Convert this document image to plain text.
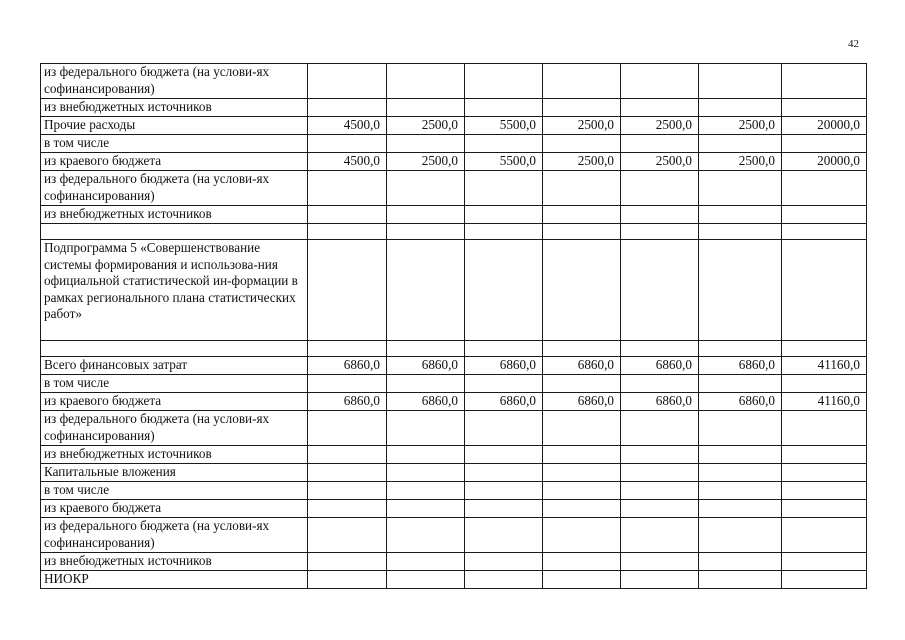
42
из федерального бюджета (на услови-ях софинансирования)							
из внебюджетных источников							
Прочие расходы	4500,0	2500,0	5500,0	2500,0	2500,0	2500,0	20000,0
в том числе							
из краевого бюджета	4500,0	2500,0	5500,0	2500,0	2500,0	2500,0	20000,0
из федерального бюджета (на услови-ях софинансирования)							
из внебюджетных источников							

Подпрограмма 5 «Совершенствование системы формирования и использова-ния официальной статистической ин-формации в рамках регионального плана статистических работ»							

Всего финансовых затрат	6860,0	6860,0	6860,0	6860,0	6860,0	6860,0	41160,0
в том числе							
из краевого бюджета	6860,0	6860,0	6860,0	6860,0	6860,0	6860,0	41160,0
из федерального бюджета (на услови-ях софинансирования)							
из внебюджетных источников							
Капитальные вложения							
в том числе							
из краевого бюджета							
из федерального бюджета (на услови-ях софинансирования)							
из внебюджетных источников							
НИОКР							
